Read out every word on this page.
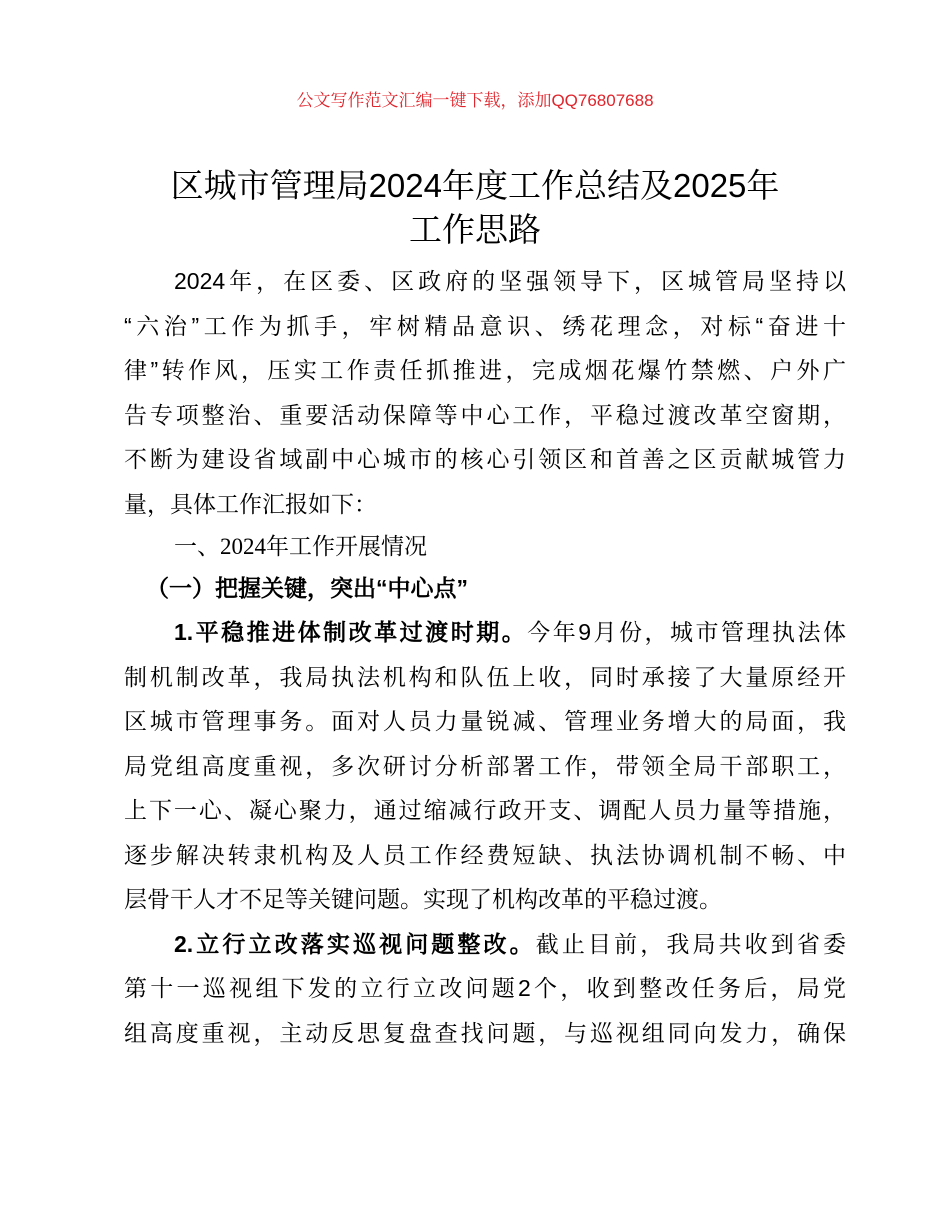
公文写作范文汇编一键下载，添加QQ76807688
区城市管理局2024年度工作总结及2025年
工作思路
2024年，在区委、区政府的坚强领导下，区城管局坚持以
“六治”工作为抓手，牢树精品意识、绣花理念，对标“奋进十
律”转作风，压实工作责任抓推进，完成烟花爆竹禁燃、户外广
告专项整治、重要活动保障等中心工作，平稳过渡改革空窗期，
不断为建设省域副中心城市的核心引领区和首善之区贡献城管力
量，具体工作汇报如下：
一、2024年工作开展情况
（一）把握关键，突出“中心点”
1.平稳推进体制改革过渡时期。今年9月份，城市管理执法体
制机制改革，我局执法机构和队伍上收，同时承接了大量原经开
区城市管理事务。面对人员力量锐减、管理业务增大的局面，我
局党组高度重视，多次研讨分析部署工作，带领全局干部职工，
上下一心、凝心聚力，通过缩减行政开支、调配人员力量等措施，
逐步解决转隶机构及人员工作经费短缺、执法协调机制不畅、中
层骨干人才不足等关键问题。实现了机构改革的平稳过渡。
2.立行立改落实巡视问题整改。截止目前，我局共收到省委
第十一巡视组下发的立行立改问题2个，收到整改任务后，局党
组高度重视，主动反思复盘查找问题，与巡视组同向发力，确保
